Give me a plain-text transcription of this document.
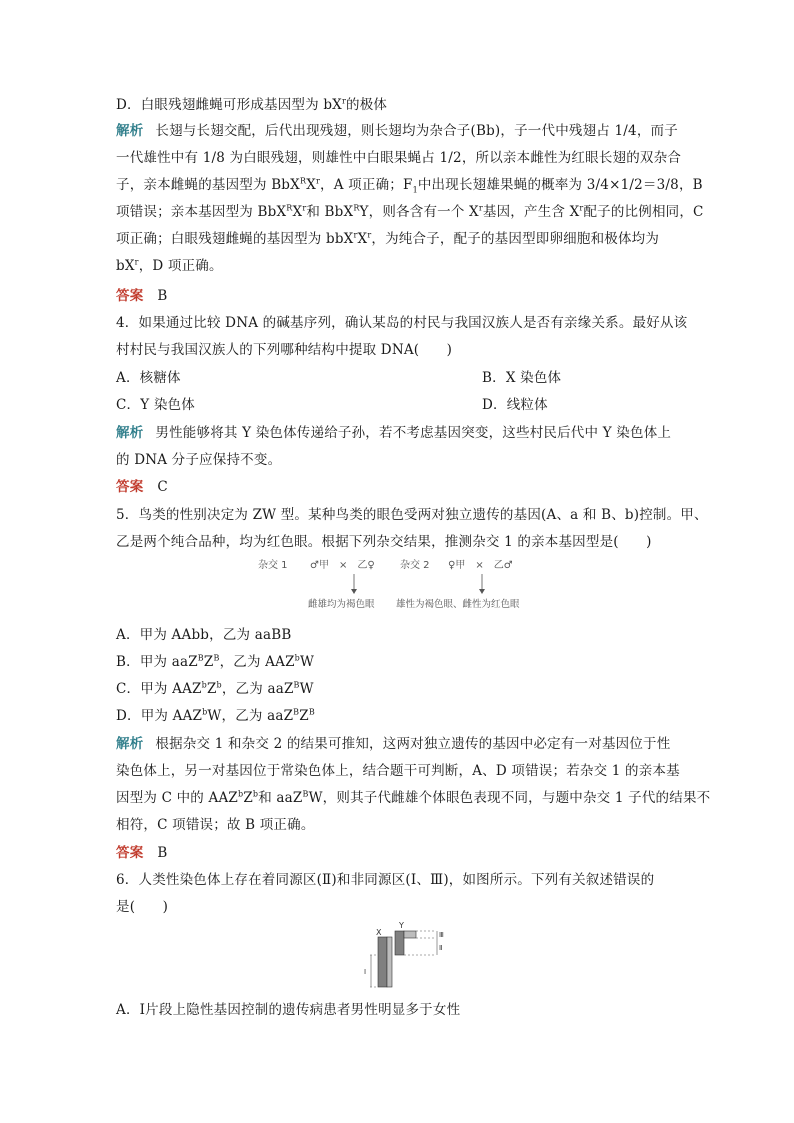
D．白眼残翅雌蝇可形成基因型为 $bX^r$的极体
解析 长翅与长翅交配，后代出现残翅，则长翅均为杂合子(Bb)，子一代中残翅占 1/4，而子
一代雄性中有 1/8 为白眼残翅，则雄性中白眼果蝇占 1/2，所以亲本雌性为红眼长翅的双杂合
子，亲本雌蝇的基因型为 $BbX^RX^r$，A 项正确；$F_1$中出现长翅雄果蝇的概率为 3/4×1/2＝3/8，B
项错误；亲本基因型为 $BbX^RX^r$和 BbX$^R$Y，则各含有一个 $X^r$基因，产生含 $X^r$配子的比例相同，C
项正确；白眼残翅雌蝇的基因型为 $bbX^rX^r$，为纯合子，配子的基因型即卵细胞和极体均为
$bX^r$，D 项正确。
答案 B
4．如果通过比较 DNA 的碱基序列，确认某岛的村民与我国汉族人是否有亲缘关系。最好从该
村村民与我国汉族人的下列哪种结构中提取 DNA(　　)
A．核糖体	B．X 染色体
C．Y 染色体	D．线粒体
解析 男性能够将其 Y 染色体传递给子孙，若不考虑基因突变，这些村民后代中 Y 染色体上
的 DNA 分子应保持不变。
答案 C
5．鸟类的性别决定为 ZW 型。某种鸟类的眼色受两对独立遗传的基因(A、a 和 B、b)控制。甲、
乙是两个纯合品种，均为红色眼。根据下列杂交结果，推测杂交 1 的亲本基因型是(　　)
杂交 1 ♂甲　×　乙♀	杂交 2 ♀甲　×　乙♂
雌雄均为褐色眼 雄性为褐色眼、雌性为红色眼
A．甲为 AAbb，乙为 aaBB
B．甲为 $aaZ^BZ^B$，乙为 AAZ$^b$W
C．甲为 $AAZ^bZ^b$，乙为 aaZ$^B$W
D．甲为 AAZ$^b$W，乙为 $aaZ^BZ^B$
解析 根据杂交 1 和杂交 2 的结果可推知，这两对独立遗传的基因中必定有一对基因位于性
染色体上，另一对基因位于常染色体上，结合题干可判断，A、D 项错误；若杂交 1 的亲本基
因型为 C 中的 $AAZ^bZ^b$和 aaZ$^B$W，则其子代雌雄个体眼色表现不同，与题中杂交 1 子代的结果不
相符，C 项错误；故 B 项正确。
答案 B
6．人类性染色体上存在着同源区(Ⅱ)和非同源区(Ⅰ、Ⅲ)，如图所示。下列有关叙述错误的
是(　　)
X
Y
Ⅲ
Ⅱ
Ⅰ
A．Ⅰ片段上隐性基因控制的遗传病患者男性明显多于女性
